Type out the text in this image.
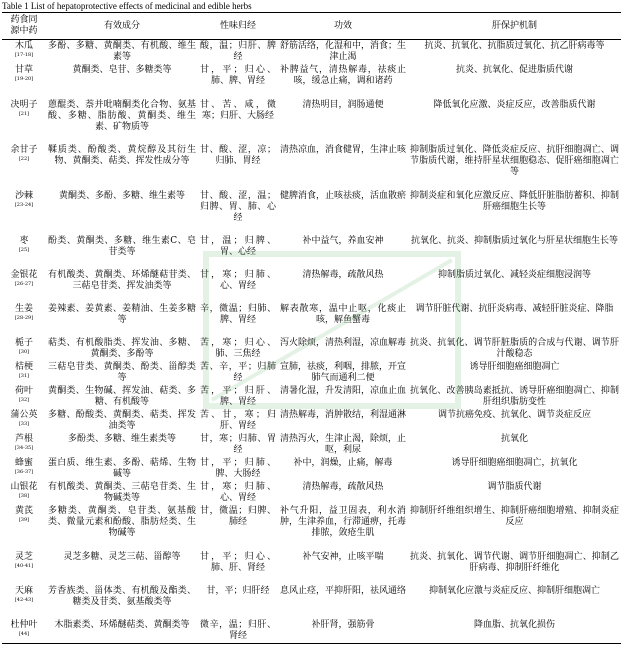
Table 1 List of hepatoprotective effects of medicinal and edible herbs
药食同
源中药	有效成分	性味归经	功效	肝保护机制

木瓜
[17-18]	多酚、多糖、黄酮类、有机酸、维生素等	酸，温；归肝、脾经	舒筋活络，化湿和中，消食；生津止渴	抗炎、抗氧化、抗脂质过氧化、抗乙肝病毒等

甘草
[19-20]	黄酮类、皂苷、多糖类等	甘，平；归心、肺、脾、胃经	补脾益气，清热解毒，祛痰止咳，缓急止痛，调和诸药	抗炎、抗氧化、促进脂质代谢

决明子
[21]	蒽醌类、萘并吡喃酮类化合物、氨基酸、多糖、脂肪酸、黄酮类、维生素、矿物质等	甘、苦、咸，微寒；归肝、大肠经	清热明目，润肠通便	降低氧化应激、炎症反应，改善脂质代谢

余甘子
[22]	鞣质类、酚酸类、黄烷醇及其衍生物、黄酮类、萜类、挥发性成分等	甘、酸、涩，凉；归肺、胃经	清热凉血，消食健胃，生津止咳	抑制脂质过氧化、降低炎症反应、抗肝细胞凋亡、调节脂质代谢，维持肝星状细胞稳态、促肝癌细胞凋亡等

沙棘
[23-24]	黄酮类、多酚、多糖、维生素等	甘、酸、涩，温；归脾、胃、肺、心经	健脾消食，止咳祛痰，活血散瘀	抑制炎症和氧化应激反应、降低肝脏脂肪蓄积、抑制肝癌细胞生长等

枣
[25]	酚类、黄酮类、多糖、维生素C、皂苷类等	甘，温；归脾、胃、心经	补中益气，养血安神	抗氧化、抗炎、抑制脂质过氧化与肝星状细胞生长等

金银花
[26-27]	有机酸类、黄酮类、环烯醚萜苷类、三萜皂苷类、挥发油类等	甘，寒；归肺、心、胃经	清热解毒，疏散风热	抑制脂质过氧化、减轻炎症细胞浸润等

生姜
[28-29]	姜辣素、姜黄素、姜精油、生姜多糖等	辛，微温；归肺、脾、胃经	解表散寒，温中止呕，化痰止咳，解鱼蟹毒	调节肝脏代谢、抗肝炎病毒、减轻肝脏炎症、降脂

栀子
[30]	萜类、有机酸脂类、挥发油、多糖、黄酮类、多酚等	苦，寒；归心、肺、三焦经	泻火除烦，清热利湿，凉血解毒	抗炎、抗氧化、调节肝脏脂质的合成与代谢、调节肝汁酸稳态

桔梗
[31]	三萜皂苷类、黄酮类、酚类、甾醇类等	苦、辛，平；归肺经	宣肺，祛痰，利咽，排脓，开宣肺气而通利二便	诱导肝细胞癌细胞凋亡

荷叶
[32]	黄酮类、生物碱、挥发油、萜类、多糖、有机酸等	苦，平；归肝、脾、胃经	清暑化湿，升发清阳，凉血止血	抗氧化、改善胰岛素抵抗、诱导肝癌细胞凋亡、抑制肝组织脂肪变性

蒲公英
[33]	多糖、酚酸类、黄酮类、萜类、挥发油类等	苦、甘，寒；归肝、胃经	清热解毒，消肿散结，利湿通淋	调节抗癌免疫、抗氧化、调节炎症反应

芦根
[34-35]	多酚类、多糖、维生素类等	甘，寒；归肺、胃经	清热泻火，生津止渴，除烦，止呕，利尿	抗氧化

蜂蜜
[36-37]	蛋白质、维生素、多酚、萜烯、生物碱等	甘，平；归肺、脾、大肠经	补中，润燥，止痛，解毒	诱导肝细胞癌细胞凋亡，抗氧化

山银花
[38]	有机酸类、黄酮类、三萜皂苷类、生物碱类等	甘，寒；归肺、心、胃经	清热解毒，疏散风热	调节脂质代谢

黄芪
[39]	多糖类、黄酮类、皂苷类、氨基酸类、微量元素和酚酸、脂肪烃类、生物碱等	甘，微温；归脾、肺经	补气升阳，益卫固表，利水消肿，生津养血，行滞通痹，托毒排脓，敛疮生肌	抑制肝纤维组织增生、抑制肝癌细胞增殖、抑制炎症反应

灵芝
[40-41]	灵芝多糖、灵芝三萜、甾醇等	甘，平；归心、肺、肝、肾经	补气安神，止咳平喘	抗炎、抗氧化、调节代谢、调节肝细胞凋亡、抑制乙肝病毒、抑制肝纤维化

天麻
[42-43]	芳香族类、甾体类、有机酸及酯类、糖类及苷类、氨基酸类等	甘，平；归肝经	息风止痉，平抑肝阳，祛风通络	抑制氧化应激与炎症反应、抑制肝细胞凋亡

杜仲叶
[44]	木脂素类、环烯醚萜类、黄酮类等	微辛，温；归肝、肾经	补肝肾，强筋骨	降血脂、抗氧化损伤
